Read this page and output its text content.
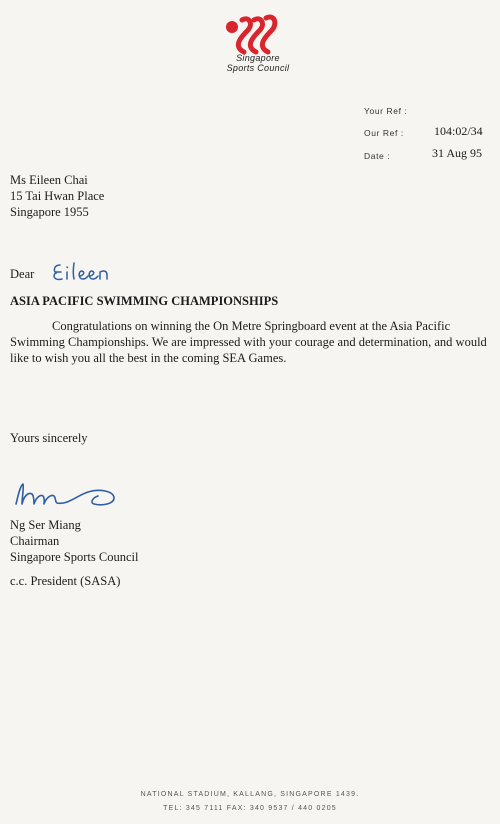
Singapore
Sports Council
Your Ref :
Our Ref :	104:02/34
Date :	31 Aug 95
Ms Eileen Chai
15 Tai Hwan Place
Singapore 1955
Dear
ASIA PACIFIC SWIMMING CHAMPIONSHIPS
Congratulations on winning the On Metre Springboard event at the Asia Pacific Swimming Championships. We are impressed with your courage and determination, and would like to wish you all the best in the coming SEA Games.
Yours sincerely
Ng Ser Miang
Chairman
Singapore Sports Council
c.c. President (SASA)
NATIONAL STADIUM, KALLANG, SINGAPORE 1439.
TEL: 345 7111 FAX: 340 9537 / 440 0205
